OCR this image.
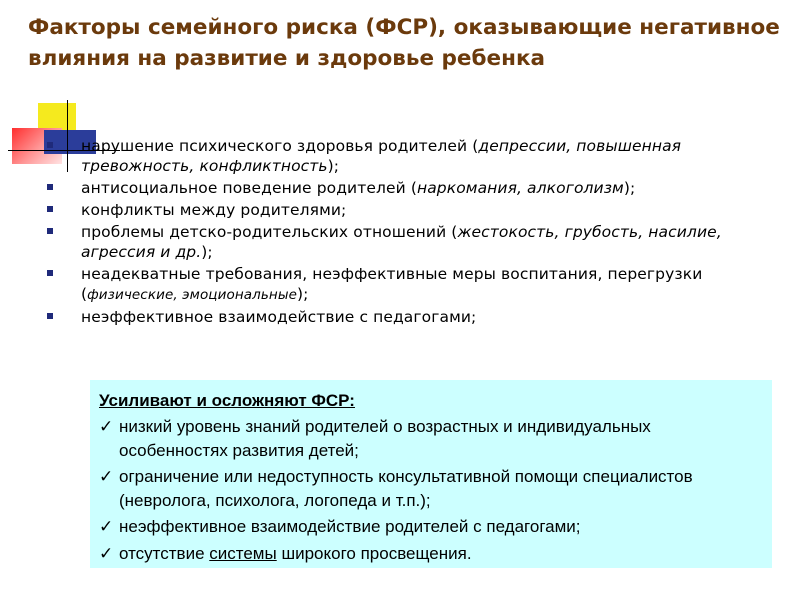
Факторы семейного риска (ФСР), оказывающие негативное влияния на развитие и здоровье ребенка
нарушение психического здоровья родителей (депрессии, повышенная тревожность, конфликтность);
антисоциальное поведение родителей (наркомания, алкоголизм);
конфликты между родителями;
проблемы детско-родительских отношений (жестокость, грубость, насилие, агрессия и др.);
неадекватные требования, неэффективные меры воспитания, перегрузки (физические, эмоциональные);
неэффективное взаимодействие с педагогами;
Усиливают и осложняют ФСР:
✓ низкий уровень знаний родителей о возрастных и индивидуальных особенностях развития детей;
✓ ограничение или недоступность консультативной помощи специалистов (невролога, психолога, логопеда и т.п.);
✓ неэффективное взаимодействие родителей с педагогами;
✓ отсутствие системы широкого просвещения.
